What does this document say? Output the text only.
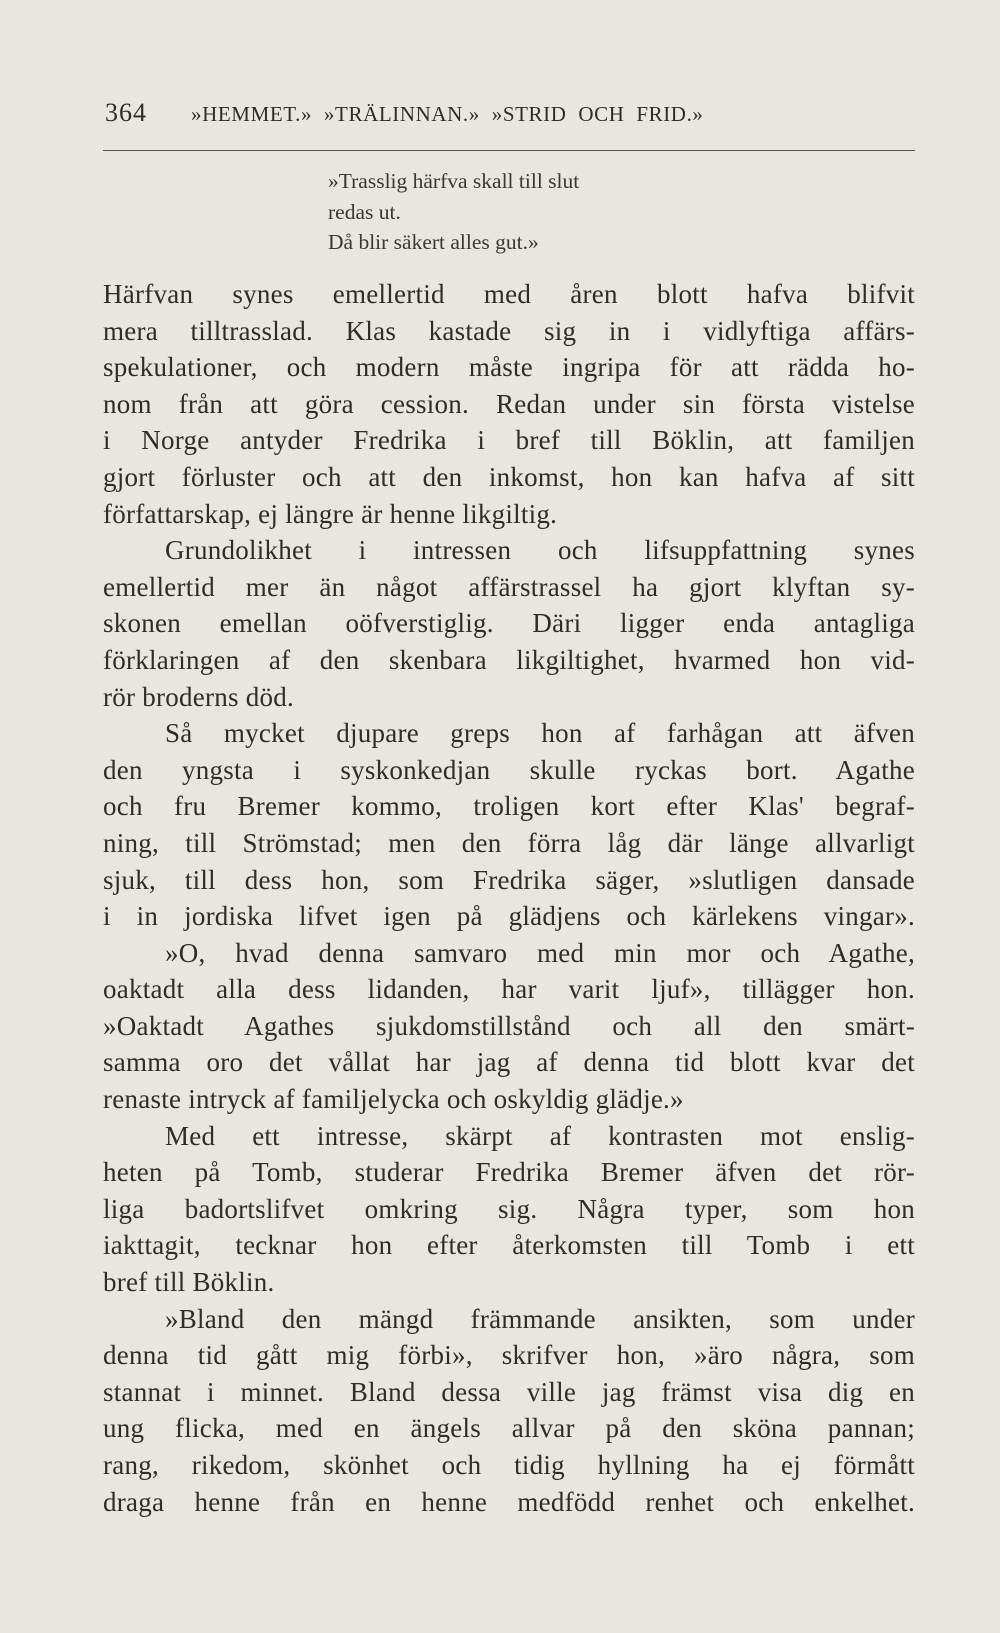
364 »HEMMET.» »TRÄLINNAN.» »STRID OCH FRID.»
»Trasslig härfva skall till slut
redas ut.
Då blir säkert alles gut.»
Härfvan synes emellertid med åren blott hafva blifvit
mera tilltrasslad. Klas kastade sig in i vidlyftiga affärs-
spekulationer, och modern måste ingripa för att rädda ho-
nom från att göra cession. Redan under sin första vistelse
i Norge antyder Fredrika i bref till Böklin, att familjen
gjort förluster och att den inkomst, hon kan hafva af sitt
författarskap, ej längre är henne likgiltig.
Grundolikhet i intressen och lifsuppfattning synes
emellertid mer än något affärstrassel ha gjort klyftan sy-
skonen emellan oöfverstiglig. Däri ligger enda antagliga
förklaringen af den skenbara likgiltighet, hvarmed hon vid-
rör broderns död.
Så mycket djupare greps hon af farhågan att äfven
den yngsta i syskonkedjan skulle ryckas bort. Agathe
och fru Bremer kommo, troligen kort efter Klas' begraf-
ning, till Strömstad; men den förra låg där länge allvarligt
sjuk, till dess hon, som Fredrika säger, »slutligen dansade
i in jordiska lifvet igen på glädjens och kärlekens vingar».
»O, hvad denna samvaro med min mor och Agathe,
oaktadt alla dess lidanden, har varit ljuf», tillägger hon.
»Oaktadt Agathes sjukdomstillstånd och all den smärt-
samma oro det vållat har jag af denna tid blott kvar det
renaste intryck af familjelycka och oskyldig glädje.»
Med ett intresse, skärpt af kontrasten mot enslig-
heten på Tomb, studerar Fredrika Bremer äfven det rör-
liga badortslifvet omkring sig. Några typer, som hon
iakttagit, tecknar hon efter återkomsten till Tomb i ett
bref till Böklin.
»Bland den mängd främmande ansikten, som under
denna tid gått mig förbi», skrifver hon, »äro några, som
stannat i minnet. Bland dessa ville jag främst visa dig en
ung flicka, med en ängels allvar på den sköna pannan;
rang, rikedom, skönhet och tidig hyllning ha ej förmått
draga henne från en henne medfödd renhet och enkelhet.
